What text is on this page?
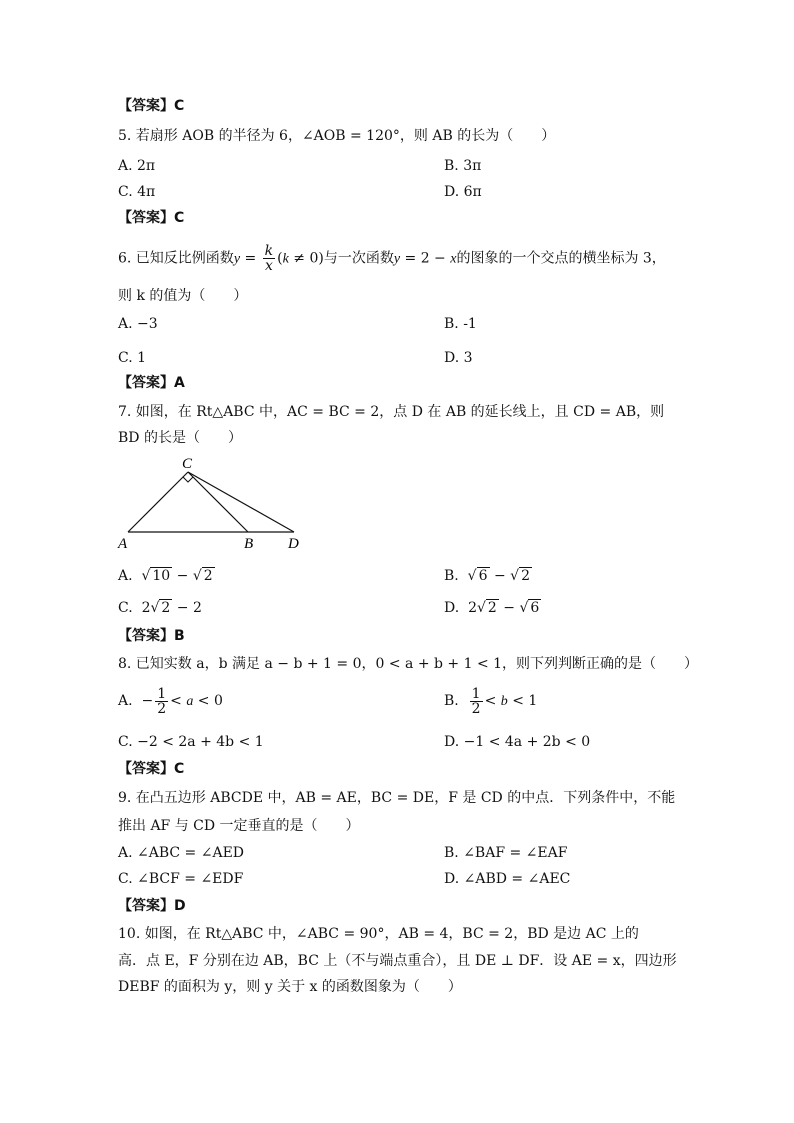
【答案】C
5. 若扇形 AOB 的半径为 6，∠AOB = 120°，则 AB 的长为（　　）
A. 2π	B. 3π
C. 4π	D. 6π
【答案】C
6. 已知反比例函数$y = \frac{k}{x} (k \ne 0)$与一次函数y = 2 − x的图象的一个交点的横坐标为 3，
则 k 的值为（　　）
A. −3	B. -1
C. 1	D. 3
【答案】A
7. 如图，在 Rt△ABC 中，AC = BC = 2，点 D 在 AB 的延长线上，且 CD = AB，则
BD 的长是（　　）
C
A	B D
A.  √ 10 − √ 2	B.  √ 6 − √ 2
C.  2√ 2 − 2	D.  2√ 2 − √ 6
【答案】B
8. 已知实数 a，b 满足 a − b + 1 = 0，0 < a + b + 1 < 1，则下列判断正确的是（　　）
A.  − $\frac{1}{2} < a < 0$	B. $\frac{1}{2} < b < 1$
C. −2 < 2a + 4b < 1	D. −1 < 4a + 2b < 0
【答案】C
9. 在凸五边形 ABCDE 中，AB = AE，BC = DE，F 是 CD 的中点．下列条件中，不能
推出 AF 与 CD 一定垂直的是（　　）
A. ∠ABC = ∠AED	B. ∠BAF = ∠EAF
C. ∠BCF = ∠EDF	D. ∠ABD = ∠AEC
【答案】D
10. 如图，在 Rt△ABC 中，∠ABC = 90°，AB = 4，BC = 2，BD 是边 AC 上的
高．点 E，F 分别在边 AB，BC 上（不与端点重合），且 DE ⊥ DF．设 AE = x，四边形
DEBF 的面积为 y，则 y 关于 x 的函数图象为（　　）
